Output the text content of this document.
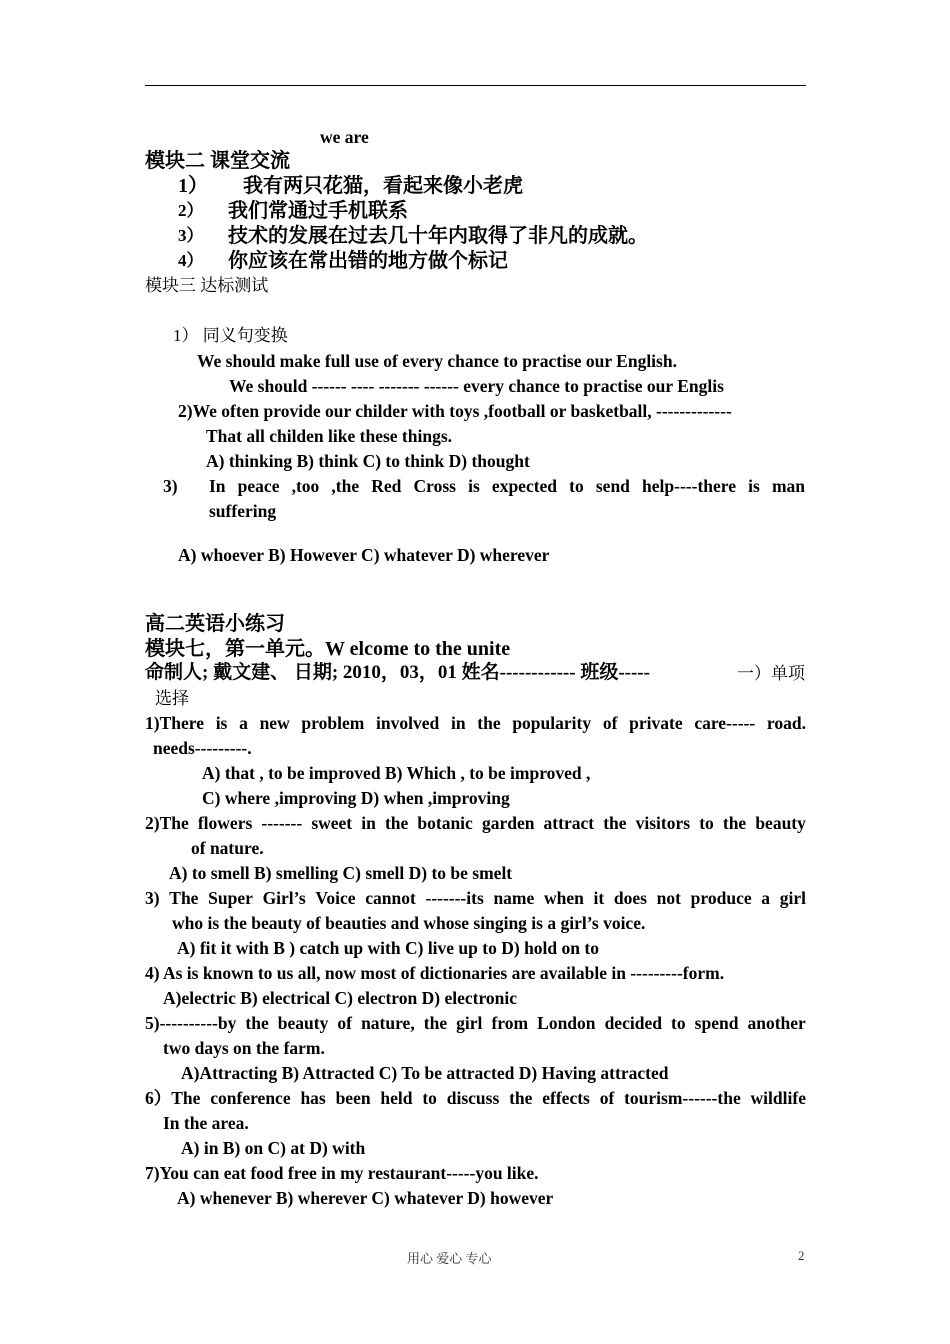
we are
模块二 课堂交流
1） 我有两只花猫，看起来像小老虎
2） 我们常通过手机联系
3） 技术的发展在过去几十年内取得了非凡的成就。
4） 你应该在常出错的地方做个标记
模块三 达标测试
1） 同义句变换
We should make full use of every chance to practise our English.
We should ------ ---- ------- ------ every chance to practise our Englis
2)We often provide our childer with toys ,football or basketball, -------------
That all childen like these things.
A) thinking B) think C) to think D) thought
3) In peace ,too ,the Red Cross is expected to send help----there is man
suffering
A) whoever B) However C) whatever D) wherever
高二英语小练习
模块七，第一单元。W elcome to the unite
命制人; 戴文建、 日期; 2010，03，01 姓名------------ 班级-----	一）单项
选择
1)There is a new problem involved in the popularity of private care----- road.
needs---------.
A) that , to be improved B) Which , to be improved ,
C) where ,improving D) when ,improving
2)The flowers ------- sweet in the botanic garden attract the visitors to the beauty
of nature.
A) to smell B) smelling C) smell D) to be smelt
3) The Super Girl’s Voice cannot -------its name when it does not produce a girl
who is the beauty of beauties and whose singing is a girl’s voice.
A) fit it with B ) catch up with C) live up to D) hold on to
4) As is known to us all, now most of dictionaries are available in ---------form.
A)electric B) electrical C) electron D) electronic
5)----------by the beauty of nature, the girl from London decided to spend another
two days on the farm.
A)Attracting B) Attracted C) To be attracted D) Having attracted
6）The conference has been held to discuss the effects of tourism------the wildlife
In the area.
A) in B) on C) at D) with
7)You can eat food free in my restaurant-----you like.
A) whenever B) wherever C) whatever D) however
用心 爱心 专心	2
